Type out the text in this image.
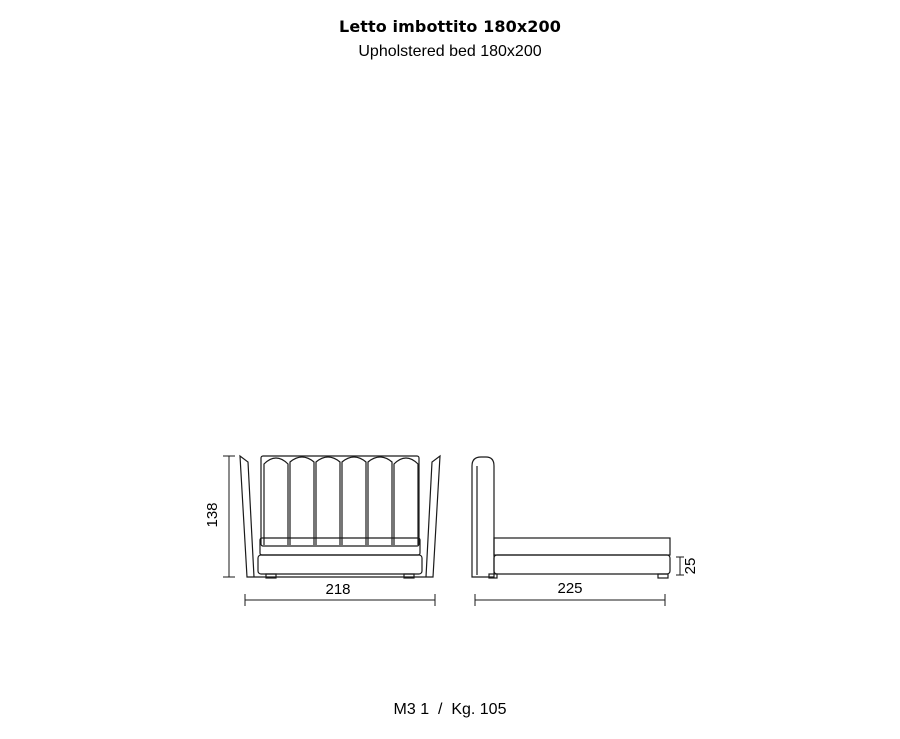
Letto imbottito 180x200
Upholstered bed 180x200
138
218
25
225
M3 1  /  Kg. 105
